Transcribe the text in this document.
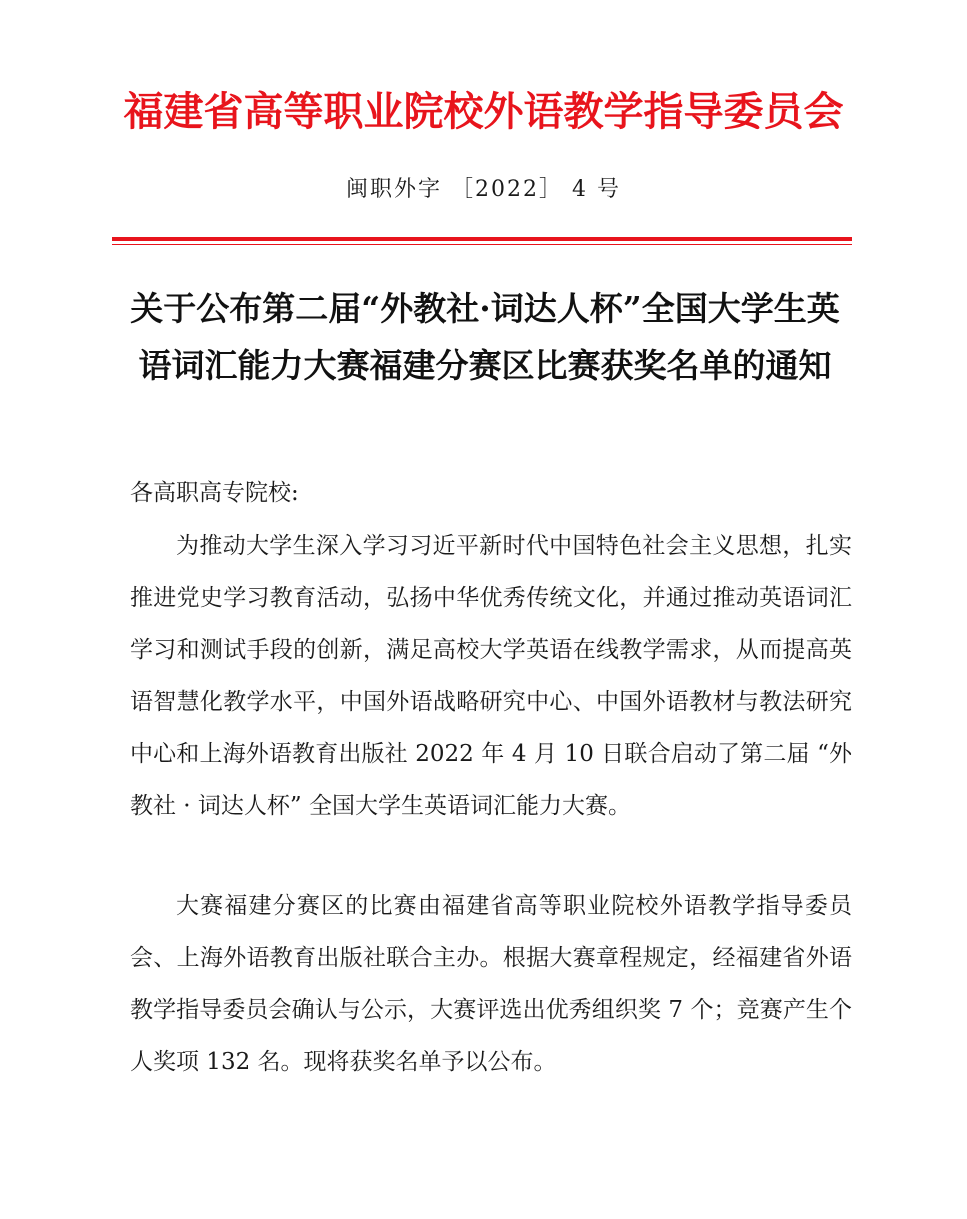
福建省高等职业院校外语教学指导委员会
闽职外字 ［2022］ 4 号
关于公布第二届“外教社·词达人杯”全国大学生英语词汇能力大赛福建分赛区比赛获奖名单的通知
各高职高专院校:
为推动大学生深入学习习近平新时代中国特色社会主义思想，扎实推进党史学习教育活动，弘扬中华优秀传统文化，并通过推动英语词汇学习和测试手段的创新，满足高校大学英语在线教学需求，从而提高英语智慧化教学水平，中国外语战略研究中心、中国外语教材与教法研究中心和上海外语教育出版社 2022 年 4 月 10 日联合启动了第二届 “外教社 · 词达人杯” 全国大学生英语词汇能力大赛。
大赛福建分赛区的比赛由福建省高等职业院校外语教学指导委员会、上海外语教育出版社联合主办。根据大赛章程规定，经福建省外语教学指导委员会确认与公示，大赛评选出优秀组织奖 7 个；竞赛产生个人奖项 132 名。现将获奖名单予以公布。
